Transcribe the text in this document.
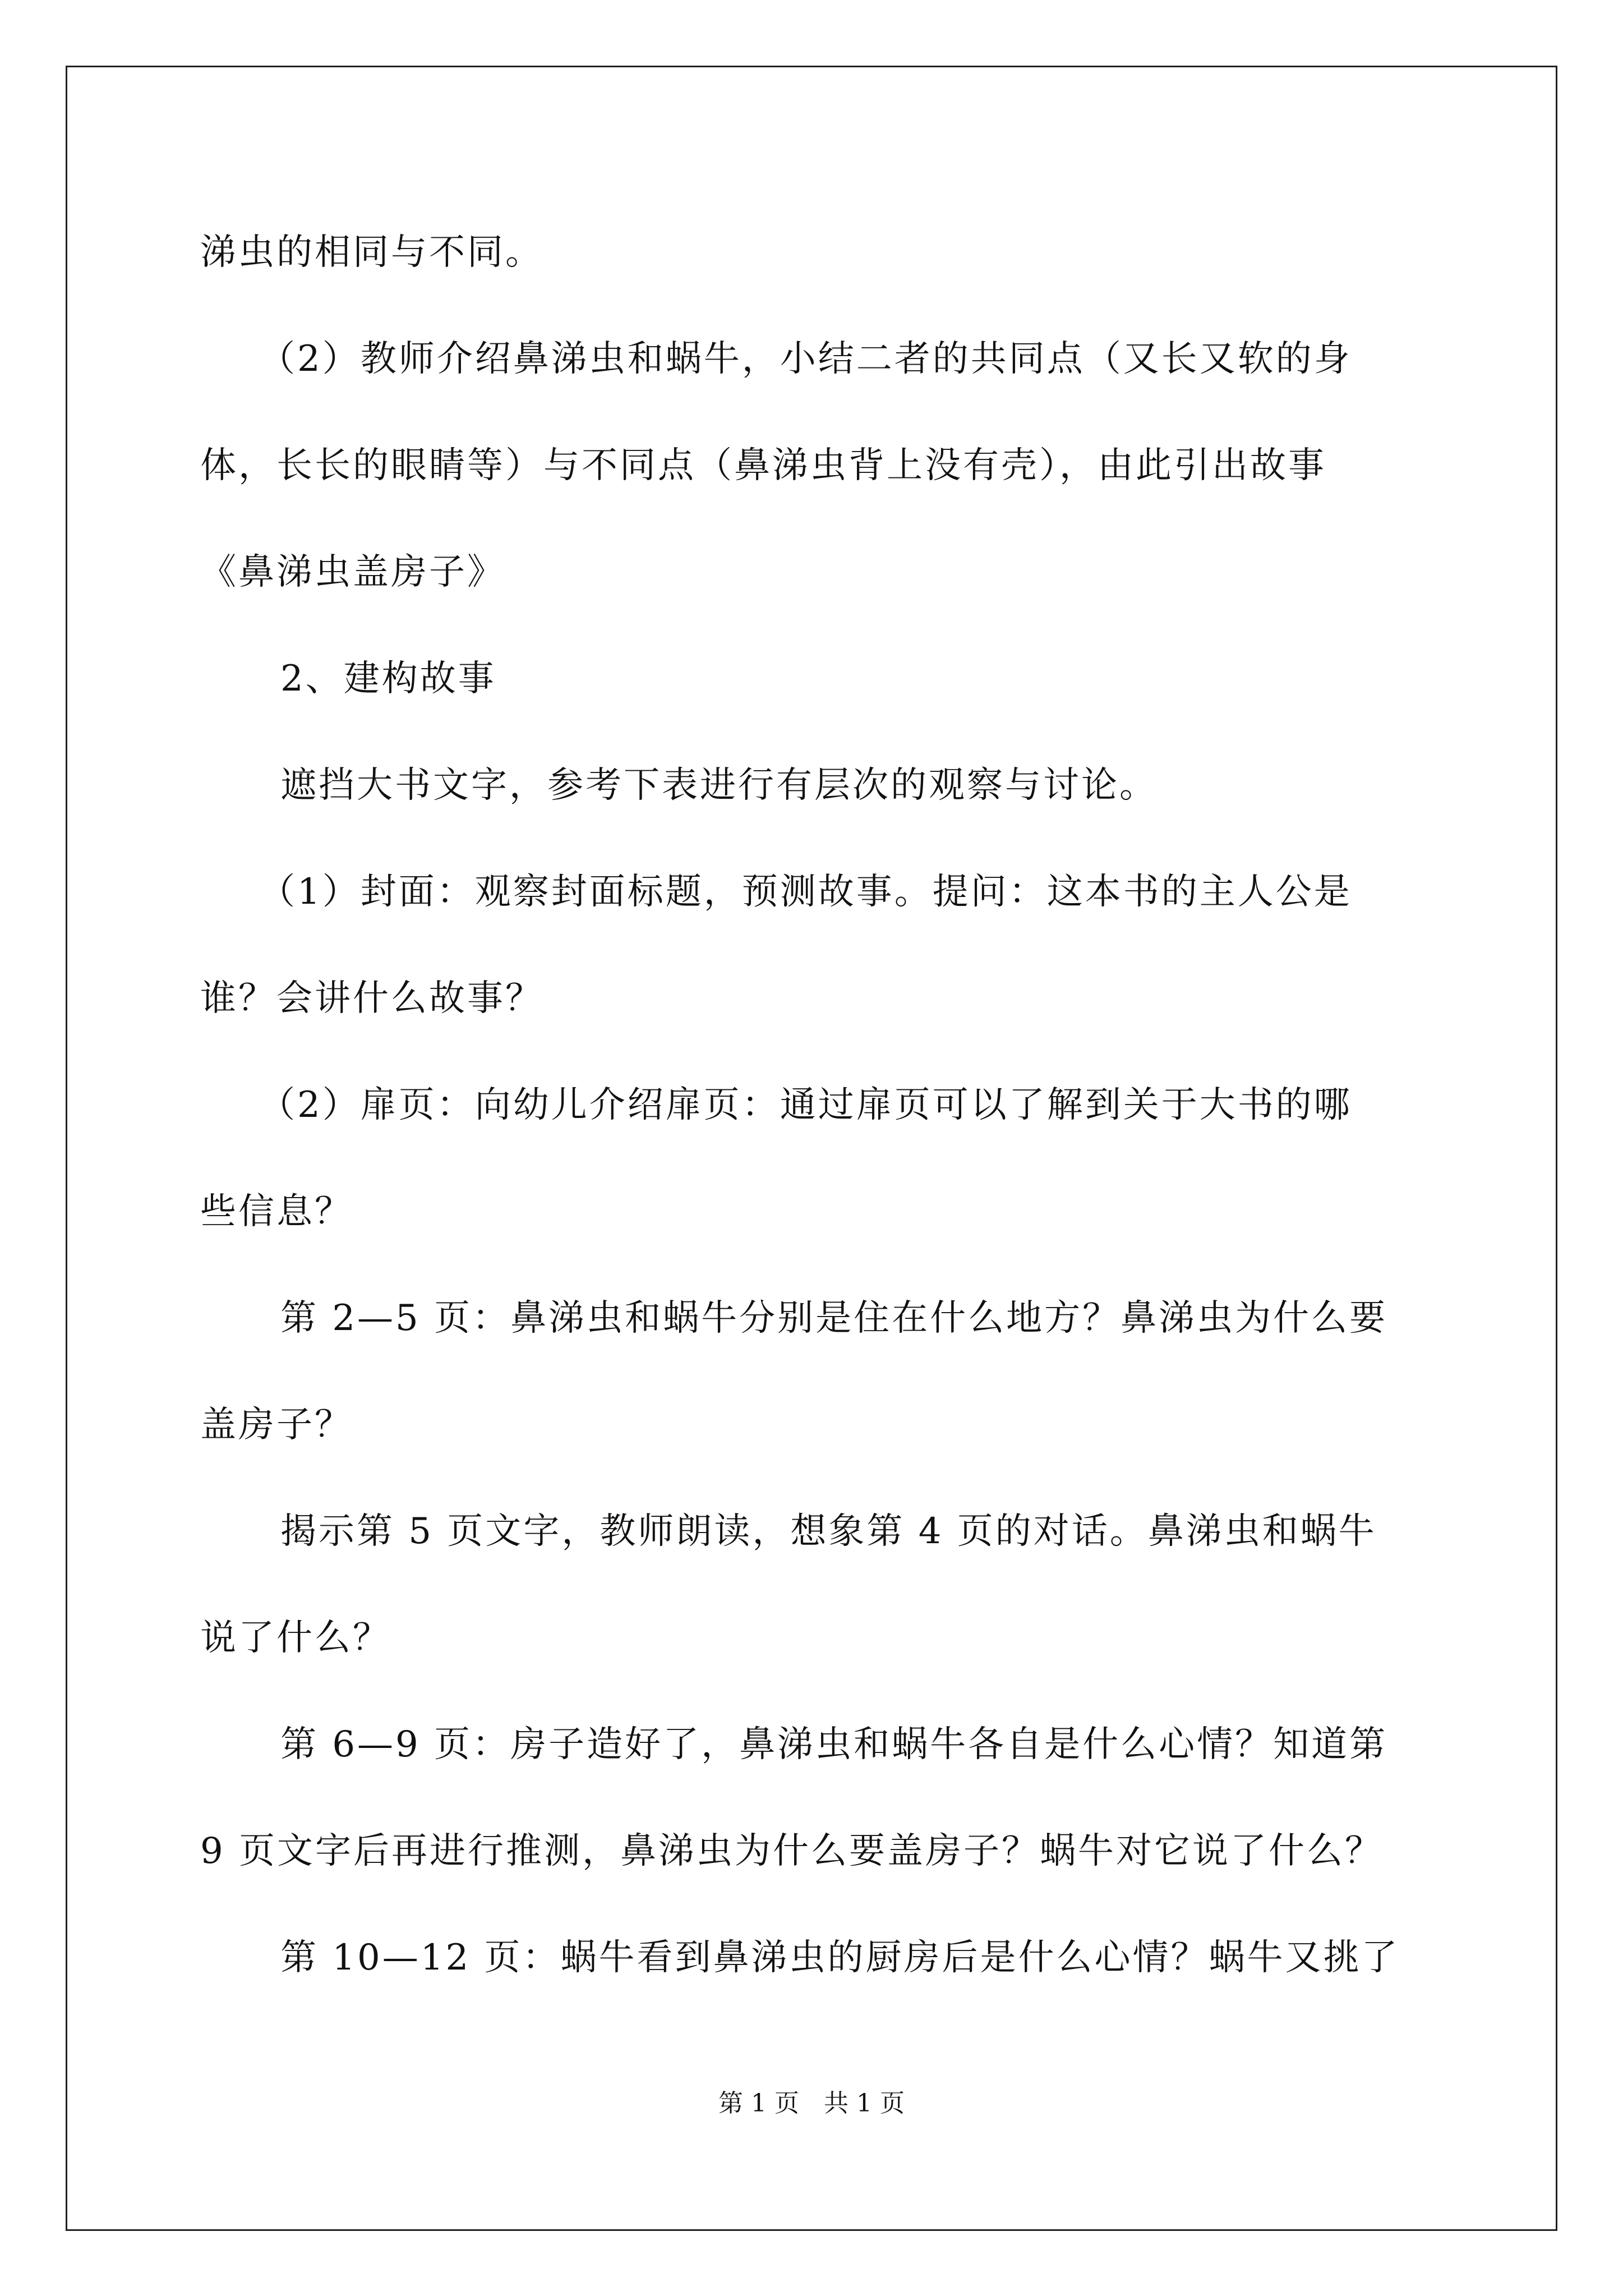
涕虫的相同与不同。
（2）教师介绍鼻涕虫和蜗牛，小结二者的共同点（又长又软的身
体，长长的眼睛等）与不同点（鼻涕虫背上没有壳），由此引出故事
《鼻涕虫盖房子》
2、建构故事
遮挡大书文字，参考下表进行有层次的观察与讨论。
（1）封面：观察封面标题，预测故事。提问：这本书的主人公是
谁？会讲什么故事？
（2）扉页：向幼儿介绍扉页：通过扉页可以了解到关于大书的哪
些信息？
第 2—5 页：鼻涕虫和蜗牛分别是住在什么地方？鼻涕虫为什么要
盖房子？
揭示第 5 页文字，教师朗读，想象第 4 页的对话。鼻涕虫和蜗牛
说了什么？
第 6—9 页：房子造好了，鼻涕虫和蜗牛各自是什么心情？知道第
9 页文字后再进行推测，鼻涕虫为什么要盖房子？蜗牛对它说了什么？
第 10—12 页：蜗牛看到鼻涕虫的厨房后是什么心情？蜗牛又挑了
第 1 页　共 1 页
